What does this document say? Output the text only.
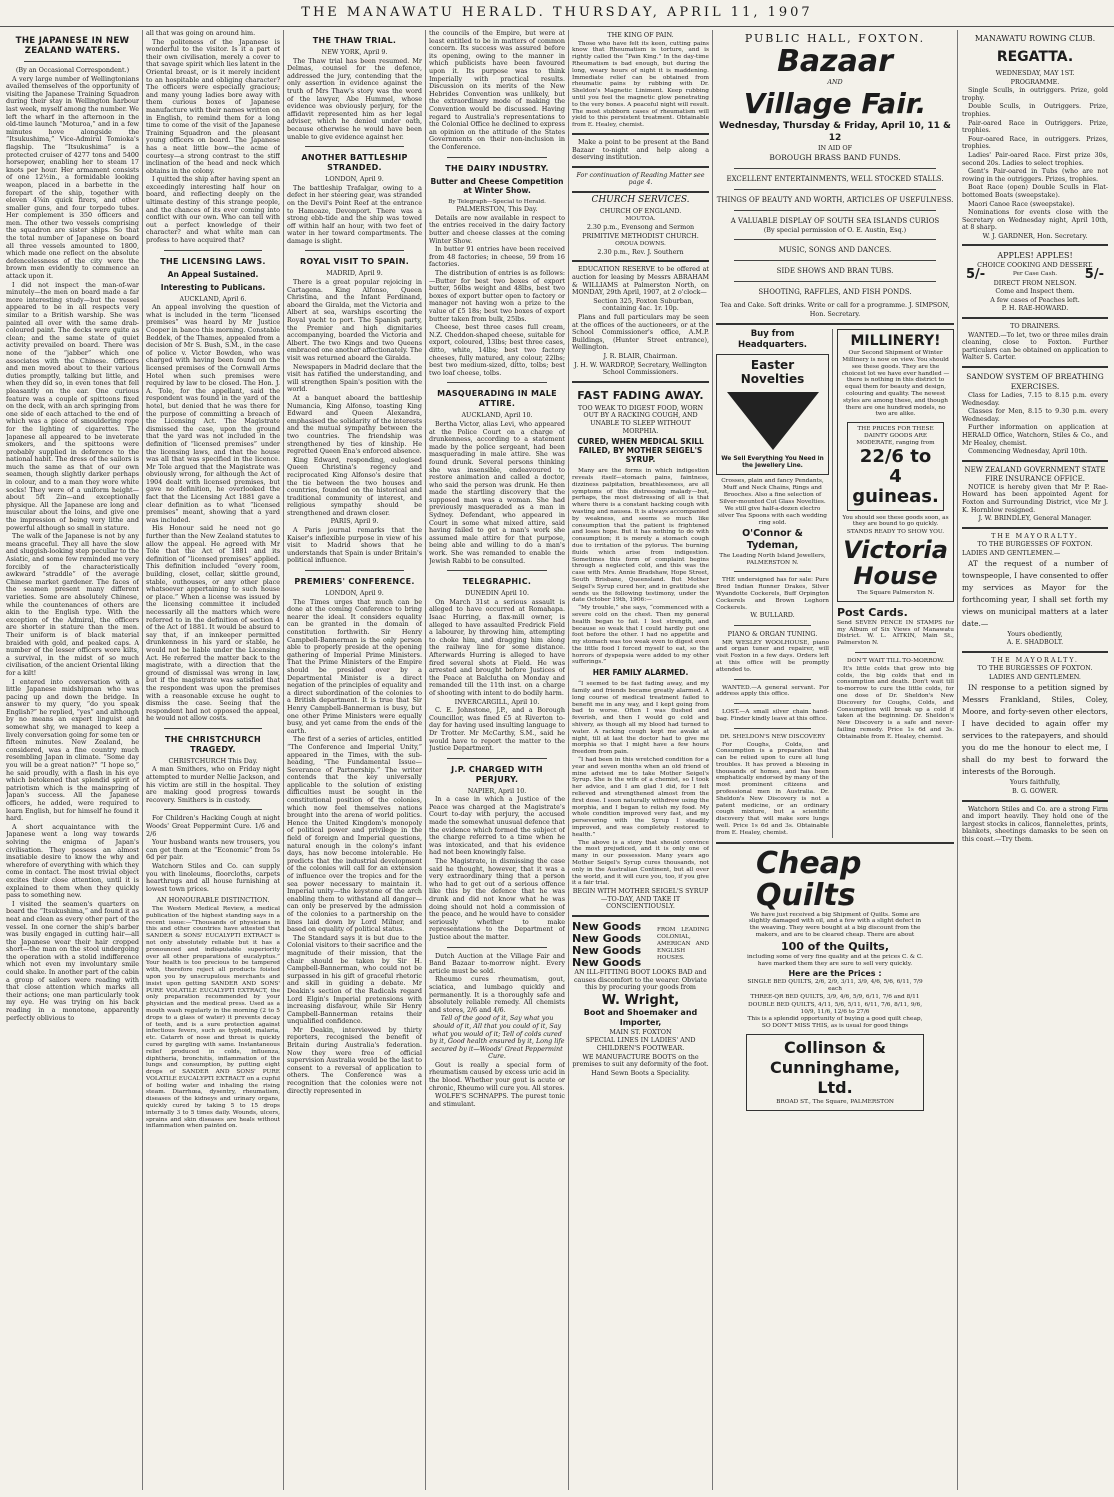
THE MANAWATU HERALD. THURSDAY, APRIL 11, 1907
THE JAPANESE IN NEW ZEALAND WATERS.
(By an Occasional Correspondent.)

A very large number of Wellingtonians availed themselves of the opportunity of visiting the Japanese Training Squadron during their stay in Wellington harbour last week, myself among the number. We left the wharf in the afternoon in the old-time launch “Moturoa,” and in a few minutes hove alongside the “Itsukushima,” Vice-Admiral Tomioka's flagship. The “Itsukushima” is a protected cruiser of 4277 tons and 5400 horsepower, enabling her to steam 17 knots per hour. Her armament consists of one 12½in., a formidable looking weapon, placed in a barbette in the forepart of the ship, together with eleven 4⅞in quick firers, and other smaller guns, and four torpedo tubes. Her complement is 350 officers and men. The other two vessels comprising the squadron are sister ships. So that the total number of Japanese on board all three vessels amounted to 1800, which made one reflect on the absolute defencelessness of the city were the brown men evidently to commence an attack upon it.

I did not inspect the man-of-war minutely—the men on board made a far more interesting study—but the vessel appeared to be in all respects very similar to a British warship. She was painted all over with the same drab-coloured paint. The decks were quite as clean; and the same state of quiet activity prevailed on board. There was none of the “jabber” which one associates with the Chinese. Officers and men moved about to their various duties promptly, talking but little, and when they did so, in even tones that fell pleasantly on the ear. One curious feature was a couple of spittoons fixed on the deck, with an arch springing from one side of each attached to the end of which was a piece of smouldering rope for the lighting of cigarettes. The Japanese all appeared to be inveterate smokers, and the spittoons were probably supplied in deference to the national habit. The dress of the sailors is much the same as that of our own seamen, though slightly darker perhaps in colour, and to a man they wore white socks! They were of a uniform height—about 5ft 2in—and exceptionally physique. All the Japanese are long and muscular about the loins, and give one the impression of being very lithe and powerful although so small in stature.

The walk of the Japanese is not by any means graceful. They all have the slow and sluggish-looking step peculiar to the Asiatic, and some few reminded me very forcibly of the characteristically awkward “straddle” of the average Chinese market gardener. The faces of the seamen present many different varieties. Some are absolutely Chinese, while the countenances of others are akin to the English type. With the exception of the Admiral, the officers are shorter in stature than the men. Their uniform is of black material braided with gold, and peaked caps. A number of the lesser officers wore kilts, a survival, in the midst of so much civilisation, of the ancient Oriental liking for a kilt!

I entered into conversation with a little Japanese midshipman who was pacing up and down the bridge. In answer to my query, “do you speak English?” he replied, “yes” and although by no means an expert linguist and somewhat shy, we managed to keep a lively conversation going for some ten or fifteen minutes. New Zealand, he considered, was a fine country much resembling Japan in climate. “Some day you will be a great nation?” “I hope so,” he said proudly, with a flash in his eye which betokened that splendid spirit of patriotism which is the mainspring of Japan's success. All the Japanese officers, he added, were required to learn English, but for himself he found it hard.

A short acquaintance with the Japanese went a long way towards solving the enigma of Japan's civilisation. They possess an almost insatiable desire to know the why and wherefore of everything with which they come in contact. The most trivial object excites their close attention, until it is explained to them when they quickly pass to something new.

I visited the seamen's quarters on board the “Itsukushima,” and found it as neat and clean as every other part of the vessel. In one corner the ship's barber was busily engaged in cutting hair—all the Japanese wear their hair cropped short—the man on the stool undergoing the operation with a stolid indifference which not even my involuntary smile could shake. In another part of the cabin a group of sailors were reading with that close attention which marks all their actions; one man particularly took my eye. He was trying on his back reading in a monotone, apparently perfectly oblivious to

all that was going on around him.

The politeness of the Japanese is wonderful to the visitor. Is it a part of their own civilisation, merely a cover to that savage spirit which lies latent in the Oriental breast, or is it merely incident to an hospitable and obliging character? The officers were especially gracious; and many young ladies bore away with them curious boxes of Japanese manufacture with their names written on in English, to remind them for a long time to come of the visit of the Japanese Training Squadron and the pleasant young officers on board. The Japanese has a neat little bow—the acme of courtesy—a strong contrast to the stiff inclination of the head and neck which obtains in the colony.

I quitted the ship after having spent an exceedingly interesting half hour on board, and reflecting deeply on the ultimate destiny of this strange people, and the chances of its ever coming into conflict with our own. Who can tell with out a perfect knowledge of their character? and what white man can profess to have acquired that?

THE LICENSING LAWS.
An Appeal Sustained.
Interesting to Publicans.
AUCKLAND, April 6.

An appeal involving the question of what is included in the term “licensed premises” was heard by Mr Justice Cooper in banco this morning. Constable Beddek, of the Thames, appealed from a decision of Mr S. Bush, S.M., in the case of police v. Victor Bowden, who was charged with having been found on the licensed premises of the Cornwall Arms Hotel when such premises were required by law to be closed. The Hon. J. A. Tole, for the appellant, said the respondent was found in the yard of the hotel, but denied that he was there for the purpose of committing a breach of the Licensing Act. The Magistrate dismissed the case, upon the ground that the yard was not included in the definition of “licensed premises” under the licensing laws, and that the house was all that was specified in the licence. Mr Tole argued that the Magistrate was obviously wrong, for although the Act of 1904 dealt with licensed premises, but gave no definition, he overlooked the fact that the Licensing Act 1881 gave a clear definition as to what “licensed premises” meant, showing that a yard was included.

His Honour said he need not go further than the New Zealand statutes to allow the appeal. He agreed with Mr Tole that the Act of 1881 and its definition of “licensed premises” applied. This definition included “every room, building, closet, cellar, skittle ground, stable, outhouses, or any other place whatsoever appertaining to such house or place.” When a license was issued by the licensing committee it included necessarily all the matters which were referred to in the definition of section 4 of the Act of 1881. It would be absurd to say that, if an innkeeper permitted drunkenness in his yard or stable, he would not be liable under the Licensing Act. He referred the matter back to the magistrate, with a direction that the ground of dismissal was wrong in law, but if the magistrate was satisfied that the respondent was upon the premises with a reasonable excuse he ought to dismiss the case. Seeing that the respondent had not opposed the appeal, he would not allow costs.

THE CHRISTCHURCH TRAGEDY.
CHRISTCHURCH This Day.

A man Smithers, who on Friday night attempted to murder Nellie Jackson, and his victim are still in the hospital. They are making good progress towards recovery. Smithers is in custody.

For Children's Hacking Cough at night Woods' Great Peppermint Cure. 1/6 and 2/6

Your husband wants new trousers, you can get them at the “Economic” from 5s 6d per pair.

Watchorn Stiles and Co. can supply you with linoleums, floorcloths, carpets hearthrugs and all house furnishing at lowest town prices.

AN HONOURABLE DISTINCTION.

The Western Medical Review, a medical publication of the highest standing says in a recent issue:—“Thousands of physicians in this and other countries have attested that SANDER & SONS' EUCALYPTI EXTRACT is not only absolutely reliable but it has a pronounced and indisputable superiority over all other preparations of eucalyptus.” Your health is too precious to be tampered with, therefore reject all products foisted upon you by unscrupulous merchants and insist upon getting SANDER AND SONS' PURE VOLATILE EUCALYPTI EXTRACT, the only preparation recommended by your physician and the medical press. Used as a mouth wash regularly in the morning (2 to 5 drops to a glass of water) it prevents decay of teeth, and is a sure protection against infectious fevers, such as typhoid, malaria, etc. Catarrh of nose and throat is quickly cured by gargling with same. Instantaneous relief produced in colds, influenza, diphtheria, bronchitis, inflammation of the lungs and consumption, by putting eight drops of SANDER AND SONS' PURE VOLATILE EUCALYPTI EXTRACT on a cupful of boiling water and inhaling the rising steam. Diarrhœa, dysentry, rheumatism, diseases of the kidneys and urinary organs, quickly cured by taking 5 to 15 drops internally 3 to 5 times daily. Wounds, ulcers, sprains and skin diseases are heals without inflammation when painted on.

THE THAW TRIAL.
NEW YORK, April 9.

The Thaw trial has been resumed. Mr Delmas, counsel for the defence, addressed the jury, contending that the only assertion in evidence against the truth of Mrs Thaw's story was the word of the lawyer, Abe Hummel, whose evidence was obviously perjury, for the affidavit represented him as her legal adviser, which he denied under oath, because otherwise he would have been unable to give evidence against her.

ANOTHER BATTLESHIP STRANDED.
LONDON, April 9.

The battleship Trafalgar, owing to a defect in her steering gear, was stranded on the Devil's Point Reef at the entrance to Hamoaze, Devonport. There was a strong ebb-tide and the ship was towed off within half an hour, with two feet of water in her toward compartments. The damage is slight.

ROYAL VISIT TO SPAIN.
MADRID, April 9.

There is a great popular rejoicing in Cartagena. King Alfonso, Queen Christina, and the Infant Ferdinand, aboard the Giralda, met the Victoria and Albert at sea, warships escorting the Royal yacht to port. The Spanish party, the Premier and high dignitaries accompanying, boarded the Victoria and Albert. The two Kings and two Queens embraced one another affectionately. The visit was returned aboard the Giralda.

Newspapers in Madrid declare that the visit has ratified the understanding, and will strengthen Spain's position with the world.

At a banquet aboard the battleship Numancia, King Alfonso, toasting King Edward and Queen Alexandra, emphasised the solidarity of the interests and the mutual sympathy between the two countries. The friendship was strengthened by ties of kinship. He regretted Queen Ena's enforced absence.

King Edward, responding, eulogised Queen Christina's regency and reciprocated King Alfonso's desire that the tie between the two houses and countries, founded on the historical and traditional community of interest, and religious sympathy should be strengthened and drawn closer.

PARIS, April 9.

A Paris journal remarks that the Kaiser's inflexible purpose in view of his visit to Madrid shows that he understands that Spain is under Britain's political influence.

PREMIERS' CONFERENCE.
LONDON, April 9.

The Times urges that much can be done at the coming Conference to bring nearer the ideal. It considers equality can be granted in the domain of constitution forthwith. Sir Henry Campbell-Bannerman is the only person able to properly preside at the opening gathering of Imperial Prime Ministers. That the Prime Ministers of the Empire should be presided over by a Departmental Minister is a direct negation of the principles of equality and a direct subordination of the colonies to a British department. It is true that Sir Henry Campbell-Bannerman is busy, but one other Prime Ministers were equally busy, and yet came from the ends of the earth.

The first of a series of articles, entitled “The Conference and Imperial Unity,” appeared in the Times, with the sub-heading, “The Fundamental Issue—Severance of Partnership.” The writer contends that the key universally applicable to the solution of existing difficulties must be sought in the constitutional position of the colonies, which now feel themselves nations brought into the arena of world politics. Hence the United Kingdom's monopoly of political power and privilege in the field of foreign and Imperial questions, natural enough in the colony's infant days, has now become intolerable. He predicts that the industrial development of the colonies will call for an extension of influence over the tropics and for the sea power necessary to maintain it. Imperial unity—the keystone of the arch enabling them to withstand all danger—can only be preserved by the admission of the colonies to a partnership on the lines laid down by Lord Milner, and based on equality of political status.

The Standard says it is but due to the Colonial visitors to their sacrifice and the magnitude of their mission, that the chair should be taken by Sir H. Campbell-Bannerman, who could not be surpassed in his gift of graceful rhetoric and skill in guiding a debate. Mr Deakin's section of the Radicals regard Lord Elgin's Imperial pretensions with increasing disfavour, while Sir Henry Campbell-Bannerman retains their unqualified confidence.

Mr Deakin, interviewed by thirty reporters, recognised the benefit of Britain during Australia's federation. Now they were free of official supervision Australia would be the last to consent to a reversal of application to others. The Conference was a recognition that the colonies were not directly represented in

the councils of the Empire, but were at least entitled to be in matters of common concern. Its success was assured before its opening, owing to the manner in which publicists have been favoured upon it. Its purpose was to think Imperially with practical results. Discussion on its merits of the New Hebrides Convention was unlikely, but the extraordinary mode of making the Convention would be discussed. Having regard to Australia's representations to the Colonial Office he declined to express an opinion on the attitude of the States Governments on their non-inclusion in the Conference.

THE DAIRY INDUSTRY.
Butter and Cheese Competition at Winter Show.
By Telegraph—Special to Herald.
PALMERSTON, This Day.

Details are now available in respect to the entries received in the dairy factory butter and cheese classes at the coming Winter Show.

In butter 91 entries have been received from 48 factories; in cheese, 59 from 16 factories.

The distribution of entries is as follows:—Butter for best two boxes of export butter, 56lbs weight and 48lbs, best two boxes of export butter open to factory or manager not having won a prize to the value of £5 18s; best two boxes of export butter taken from bulk, 25lbs.

Cheese, best three cases full cream, N.Z. Cheddon-shaped cheese, suitable for export, coloured, 13lbs; best three cases, ditto, white, 14lbs; best two factory cheeses, fully matured, any colour, 22lbs; best two medium-sized, ditto, tolbs; best two loaf cheese, tolbs.

MASQUERADING IN MALE ATTIRE.
AUCKLAND, April 10.

Bertha Victor, alias Levi, who appeared at the Police Court on a charge of drunkenness, according to a statement made by the police sergeant, had been masquerading in male attire. She was found drunk. Several persons thinking she was insensible, endeavoured to restore animation and called a doctor, who said the person was drunk. He then made the startling discovery that the supposed man was a woman. She had previously masqueraded as a man in Sydney. Defendant, who appeared in Court in some what mixed attire, said having failed to get a man's work she assumed male attire for that purpose, being able and willing to do a man's work. She was remanded to enable the Jewish Rabbi to be consulted.

TELEGRAPHIC.
DUNEDIN April 10.

On March 31st a serious assault is alleged to have occurred at Romahapa. Isaac Hurring, a flax-mill owner, is alleged to have assaulted Fredrick Field a labourer, by throwing him, attempting to choke him, and dragging him along the railway line for some distance. Afterwards Hurring is alleged to have fired several shots at Field. He was arrested and brought before Justices of the Peace at Balclutha on Monday and remanded till the 11th inst. on a charge of shooting with intent to do bodily harm.

INVERCARGILL, April 10.

C. E. Johnstone, J.P., and a Borough Councillor, was fined £5 at Riverton to-day for having used insulting language to Dr Trotter. Mr McCarthy, S.M., said he would have to report the matter to the Justice Department.

J.P. CHARGED WITH PERJURY.
NAPIER, April 10.

In a case in which a Justice of the Peace was charged at the Magistrate's Court to-day with perjury, the accused made the somewhat unusual defence that the evidence which formed the subject of the charge referred to a time when he was intoxicated, and that his evidence had not been knowingly false.

The Magistrate, in dismissing the case said he thought, however, that it was a very extraordinary thing that a person who had to get out of a serious offence like this by the defence that he was drunk and did not know what he was doing should not hold a commission of the peace, and he would have to consider seriously whether to make representations to the Department of Justice about the matter.

Dutch Auction at the Village Fair and Band Bazaar to-morrow night. Every article must be sold.

Rheumo cures rheumatism, gout, sciatica, and lumbago quickly and permanently. It is a thoroughly safe and absolutely reliable remedy. All chemists and stores, 2/6 and 4/6.

Tell of the good of it, Say what you should of it, All that you could of it, Say what you would of it; Tell of colds cured by it, Good health ensured by it, Long life secured by it—Woods' Great Peppermint Cure.

Gout is really a special form of rheumatism caused by excess uric acid in the blood. Whether your gout is acute or chronic, Rheumo will cure you. All stores.

WOLFE'S SCHNAPPS. The purest tonic and stimulant.

THE KING OF PAIN.

Those who have felt its keen, cutting pains know that Rheumatism is torture, and is rightly called the “Pain King.” In the day-time Rheumatism is bad enough, but during the long, weary hours of night it is maddening. Immediate relief can be obtained from rheumatic pains by rubbing with Dr. Sheldon's Magnetic Liniment. Keep rubbing until you feel the magnetic glow penetrating to the very bones. A peaceful night will result. The most stubborn cases of rheumatism will yield to this persistent treatment. Obtainable from E. Healey, chemist.

Make a point to be present at the Band Bazaar to-night and help along a deserving institution.

For continuation of Reading Matter see page 4.
CHURCH SERVICES.
CHURCH OF ENGLAND.
MOUTOA.
2.30 p.m., Evensong and Sermon
PRIMITIVE METHODIST CHURCH.
OROUA DOWNS.
2.30 p.m., Rev. J. Southern

EDUCATION RESERVE to be offered at auction for leasing by Messrs ABRAHAM & WILLIAMS at Palmerston North, on MONDAY, 29th April, 1907, at 2 o'clock—

Section 325, Foxton Suburban, containing 4ac. 1r. 10p.

Plans and full particulars may be seen at the offices of the auctioneers, or at the School Commissioner's office, A.M.P. Buildings, (Hunter Street entrance), Wellington.

J. R. BLAIR, Chairman.
J. H. W. WARDROP, Secretary, Wellington School Commissioners.
FAST FADING AWAY.
TOO WEAK TO DIGEST FOOD, WORN OUT BY A RACKING COUGH, AND UNABLE TO SLEEP WITHOUT MORPHIA.
CURED, WHEN MEDICAL SKILL FAILED, BY MOTHER SEIGEL'S SYRUP.

Many are the forms in which indigestion reveals itself—stomach pains, faintness, dizziness palpitation, breathlessness, are all symptoms of this distressing malady—but, perhaps, the most distressing of all is that where there is a constant hacking cough with wasting and nausea. It is always accompanied by weakness, and seems so much like consumption that the patient is frightened and loses hope. But it has nothing to do with consumption; it is merely a stomach cough due to irritation of the pylorus. The burning fluids which arise from indigestion. Sometimes this form of complaint begins through a neglected cold, and this was the case with Mrs. Annie Bradshaw, Hope Street, South Brisbane, Queensland. But Mother Seigel's Syrup cured her, and in gratitude she sends us the following testimony, under the date October 19th, 1906:—

“My trouble,” she says, “commenced with a severe cold on the chest. Then my general health began to fail. I lost strength, and because so weak that I could hardly put one foot before the other. I had no appetite and my stomach was too weak even to digest even the little food I forced myself to eat, so the horrors of dyspepsia were added to my other sufferings.”

HER FAMILY ALARMED.

“I seemed to be fast fading away, and my family and friends became greatly alarmed. A long course of medical treatment failed to benefit me in any way, and I kept going from bad to worse. Often I was flushed and feverish, and then I would go cold and shivery, as though all my blood had turned to water. A racking cough kept me awake at night, till at last the doctor had to give me morphia so that I might have a few hours freedom from pain.

“I had been in this wretched condition for a year and seven months when an old friend of mine advised me to take Mother Seigel's Syrup. She is the wife of a chemist, so I took her advice, and I am glad I did, for I felt relieved and strengthened almost from the first dose. I soon naturally withdrew using the morphia, and I began to relish my food. My whole condition improved very fast, and my persevering with the Syrup I steadily improved, and was completely restored to health.”

The above is a story that should convince the most prejudiced, and it is only one of many in our possession. Many years ago Mother Seigel's Syrup cures thousands, not only in the Australian Continent, but all over the world, and it will cure you, too, if you give it a fair trial.

BEGIN WITH MOTHER SEIGEL'S SYRUP—TO-DAY, AND TAKE IT CONSCIENTIOUSLY.
New Goods
New Goods
New Goods
New Goods
FROM LEADING COLONIAL, AMERICAN AND ENGLISH HOUSES.

AN ILL-FITTING BOOT LOOKS BAD and causes discomfort to the wearer. Obviate this by procuring your goods from

W. Wright,
Boot and Shoemaker and Importer,
MAIN ST. FOXTON

SPECIAL LINES IN LADIES' AND CHILDREN'S FOOTWEAR.

WE MANUFACTURE BOOTS on the premises to suit any deformity of the foot.

Hand Sewn Boots a Speciality.

PUBLIC HALL, FOXTON.
Bazaar
AND
Village Fair.
Wednesday, Thursday & Friday, April 10, 11 & 12
IN AID OF
BOROUGH BRASS BAND FUNDS.
EXCELLENT ENTERTAINMENTS, WELL STOCKED STALLS.
THINGS OF BEAUTY AND WORTH, ARTICLES OF USEFULNESS.
A VALUABLE DISPLAY OF SOUTH SEA ISLANDS CURIOS
(By special permission of O. E. Austin, Esq.)
MUSIC, SONGS AND DANCES.
SIDE SHOWS AND BRAN TUBS.
SHOOTING, RAFFLES, AND FISH PONDS.
Tea and Cake. Soft drinks. Write or call for a programme. J. SIMPSON, Hon. Secretary.
Buy from Headquarters.
Easter Novelties
We Sell Everything You Need in the Jewellery Line.

Crosses, plain and fancy Pendants, Muff and Neck Chains, Rings and Brooches. Also a fine selection of Silver-mounted Cut Glass Novelties.

We still give half-a-dozen electro silver Tea Spoons with each wedding ring sold.

O'Connor & Tydeman,
The Leading North Island Jewellers, PALMERSTON N.

THE undersigned has for sale: Pure Bred Indian Runner Drakes, Silver Wyandotte Cockerels, Buff Orpington Cockerels and Brown Leghorn Cockerels.

W. BULLARD.
PIANO & ORGAN TUNING.

MR WESLEY WOOLHOUSE, piano and organ tuner and repairer, will visit Foxton in a few days. Orders left at this office will be promptly attended to.

WANTED.—A general servant. For address apply this office.

LOST.—A small silver chain hand-bag. Finder kindly leave at this office.

DR. SHELDON'S NEW DISCOVERY

For Coughs, Colds, and Consumption is a preparation that can be relied upon to cure all lung troubles. It has proved a blessing in thousands of homes, and has been emphatically endorsed by many of the most prominent citizens and professional men in Australia. Dr. Sheldon's New Discovery is not a patent medicine, or an ordinary cough mixture, but a scientific discovery that will make sore lungs well. Price 1s 6d and 3s. Obtainable from E. Healey, chemist.

MILLINERY!

Our Second Shipment of Winter Millinery is now on view. You should see these goods. They are the choicest lot we have ever handled —there is nothing in this district to equal them for beauty and design, colouring and quality. The newest styles are among these, and though there are one hundred models, no two are alike.

THE PRICES FOR THESE DAINTY GOODS ARE MODERATE, ranging from
22/6 to 4 guineas.

You should see these goods soon, as they are bound to go quickly.

STANDS READY TO SHOW YOU.

Victoria House
The Square Palmerston N.
Post Cards.

Send SEVEN PENCE IN STAMPS for my Album of Six Views of Manawatu District. W. L. AITKIN, Main St., Palmerston N.

DON'T WAIT TILL TO-MORROW.

It's little colds that grow into big colds, the big colds that end in consumption and death. Don't wait till to-morrow to cure the little colds, for one dose of Dr. Sheldon's New Discovery for Coughs, Colds, and Consumption will break up a cold if taken at the beginning. Dr. Sheldon's New Discovery is a safe and never-failing remedy. Price 1s 6d and 3s. Obtainable from E. Healey, chemist.

Cheap Quilts

We have just received a big Shipment of Quilts. Some are slightly damaged with oil, and a few with a slight defect in the weaving. They were bought at a big discount from the makers, and are to be cleared cheap. There are about

100 of the Quilts,

including some of very fine quality and at the prices C. & C. have marked them they are sure to sell very quickly.

Here are the Prices :

SINGLE BED QUILTS, 2/6, 2/9, 3/11, 3/9, 4/6, 5/6, 6/11, 7/9 each

THREE-QR BED QUILTS, 3/9, 4/6, 5/9, 6/11, 7/6 and 8/11

DOUBLE BED QUILTS, 4/11, 5/6, 5/11, 6/11, 7/6, 8/11, 9/6, 10/9, 11/6, 12/6 to 27/6

This is a splendid opportunity of buying a good quilt cheap, SO DON'T MISS THIS, as is usual for good things

Collinson & Cunninghame, Ltd.
BROAD ST., The Square, PALMERSTON
MANAWATU ROWING CLUB.
REGATTA.
WEDNESDAY, MAY 1ST.
PROGRAMME.

Single Sculls, in outriggers. Prize, gold trophy.

Double Sculls, in Outriggers. Prize, trophies.

Pair-oared Race in Outriggers. Prize, trophies.

Four-oared Race, in outriggers. Prizes, trophies.

Ladies' Pair-oared Race. First prize 30s, second 20s. Ladies to select trophies.

Gent's Pair-oared in Tubs (who are not rowing in the outriggers. Prizes, trophies.

Boat Race (open) Double Sculls in Flat-bottomed Boats (sweepstake).

Maori Canoe Race (sweepstake).

Nominations for events close with the Secretary on Wednesday night, April 10th, at 8 sharp.

W. J. GARDNER, Hon. Secretary.
APPLES! APPLES!
CHOICE COOKING AND DESSERT.
5/-	Per Case Cash. 5/-
DIRECT FROM NELSON.
Come and Inspect them.
A few cases of Peaches left.
P. H. RAE-HOWARD.
TO DRAINERS.

WANTED.—To let, two or three miles drain cleaning, close to Foxton. Further particulars can be obtained on application to Walter S. Carter.

SANDOW SYSTEM OF BREATHING EXERCISES.

Class for Ladies, 7.15 to 8.15 p.m. every Wednesday.

Classes for Men, 8.15 to 9.30 p.m. every Wednesday.

Further information on application at HERALD Office, Watchorn, Stiles & Co., and Mr Healey, chemist.

Commencing Wednesday, April 10th.

NEW ZEALAND GOVERNMENT STATE FIRE INSURANCE OFFICE.

NOTICE is hereby given that Mr P. Rae-Howard has been appointed Agent for Foxton and Surrounding District, vice Mr J. K. Hornblow resigned.

J. W. BRINDLEY, General Manager.
THE MAYORALTY.
TO THE BURGESSES OF FOXTON.
LADIES AND GENTLEMEN.—

AT the request of a number of townspeople, I have consented to offer my services as Mayor for the forthcoming year, I shall set forth my views on municipal matters at a later date.—

Yours obediently,
A. E. SHADBOLT.
THE MAYORALTY.
TO THE BURGESSES OF FOXTON.
LADIES AND GENTLEMEN.

IN response to a petition signed by Messrs Frankland, Stiles, Coley, Moore, and forty-seven other electors, I have decided to again offer my services to the ratepayers, and should you do me the honour to elect me, I shall do my best to forward the interests of the Borough.

Yours faithfully,
B. G. GOWER.

Watchorn Stiles and Co. are a strong Firm and import heavily. They hold one of the largest stocks in calicos, flannelettes, prints, blankets, sheetings damasks to be seen on this coast.—Try them.
